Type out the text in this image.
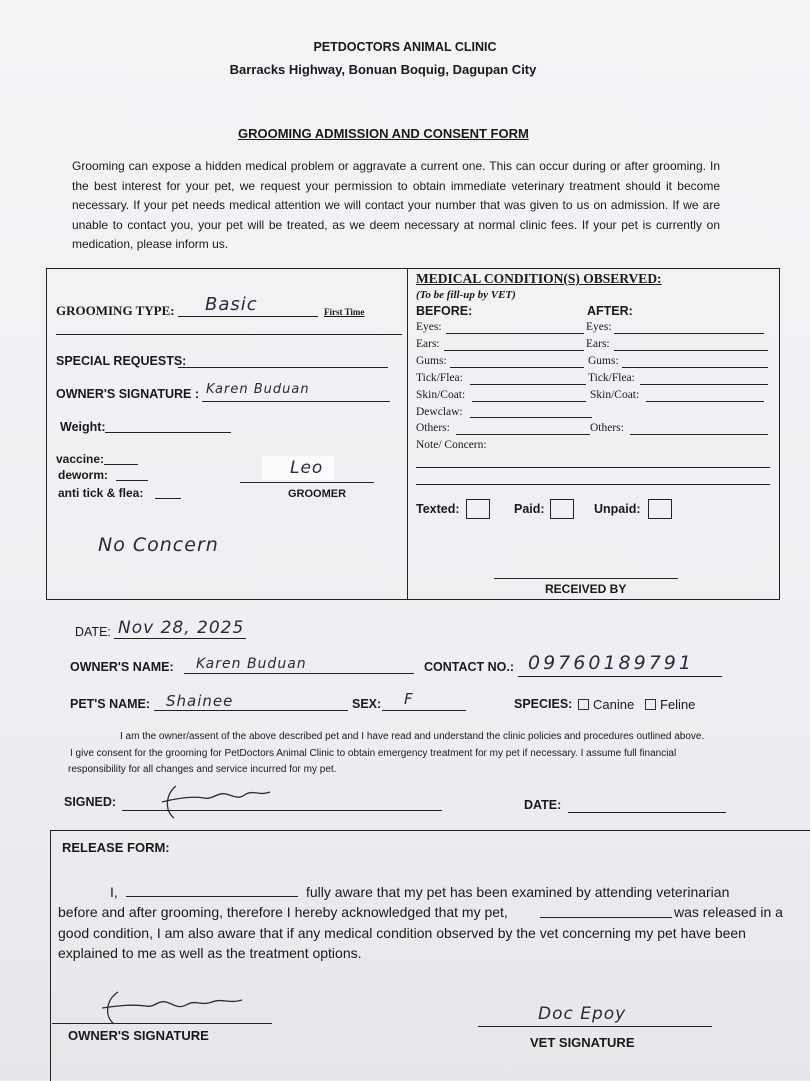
PETDOCTORS ANIMAL CLINIC
Barracks Highway, Bonuan Boquig, Dagupan City
GROOMING ADMISSION AND CONSENT FORM
Grooming can expose a hidden medical problem or aggravate a current one. This can occur during or after grooming. In the best interest for your pet, we request your permission to obtain immediate veterinary treatment should it become necessary. If your pet needs medical attention we will contact your number that was given to us on admission. If we are unable to contact you, your pet will be treated, as we deem necessary at normal clinic fees. If your pet is currently on medication, please inform us.
GROOMING TYPE: Basic	First Time
SPECIAL REQUESTS:
OWNER'S SIGNATURE : Karen Buduan
Weight:
vaccine:
deworm:
anti tick & flea:
Leo
GROOMER
No Concern
MEDICAL CONDITION(S) OBSERVED:
(To be fill-up by VET)
BEFORE:	AFTER:
Eyes:	Eyes:
Ears:	Ears:
Gums:	Gums:
Tick/Flea:	Tick/Flea:
Skin/Coat:	Skin/Coat:
Dewclaw:
Others:	Others:
Note/ Concern:
Texted:	Paid:	Unpaid:
RECEIVED BY
DATE: Nov 28, 2025
OWNER'S NAME: Karen Buduan	CONTACT NO.: 09760189791
PET'S NAME: Shainee	SEX: F	SPECIES:	Canine	Feline
I am the owner/assent of the above described pet and I have read and understand the clinic policies and procedures outlined above.
I give consent for the grooming for PetDoctors Animal Clinic to obtain emergency treatment for my pet if necessary. I assume full financial
responsibility for all changes and service incurred for my pet.
SIGNED:	DATE:
RELEASE FORM:
I,	fully aware that my pet has been examined by attending veterinarian
before and after grooming, therefore I hereby acknowledged that my pet,	was released in a
good condition, I am also aware that if any medical condition observed by the vet concerning my pet have been
explained to me as well as the treatment options.
OWNER'S SIGNATURE
Doc Epoy
VET SIGNATURE
